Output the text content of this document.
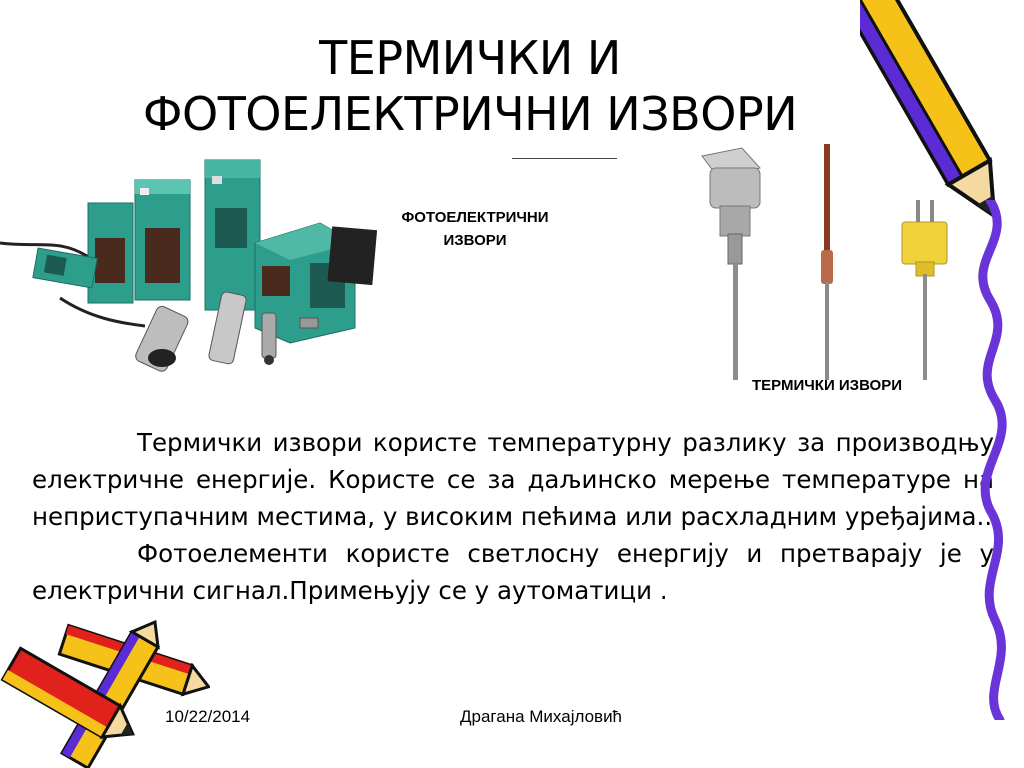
ТЕРМИЧКИ И
ФОТОЕЛЕКТРИЧНИ ИЗВОРИ
ФОТОЕЛЕКТРИЧНИ
ИЗВОРИ
ТЕРМИЧКИ ИЗВОРИ

Термички извори користе температурну разлику за производњу електричне енергије. Користе се за даљинско мерење температуре на неприступачним местима, у високим пећима или расхладним уређајима..

Фотоелементи користе светлосну енергију и претварају је у електрични сигнал.Примењују се у аутоматици .

10/22/2014	Драгана Михајловић
